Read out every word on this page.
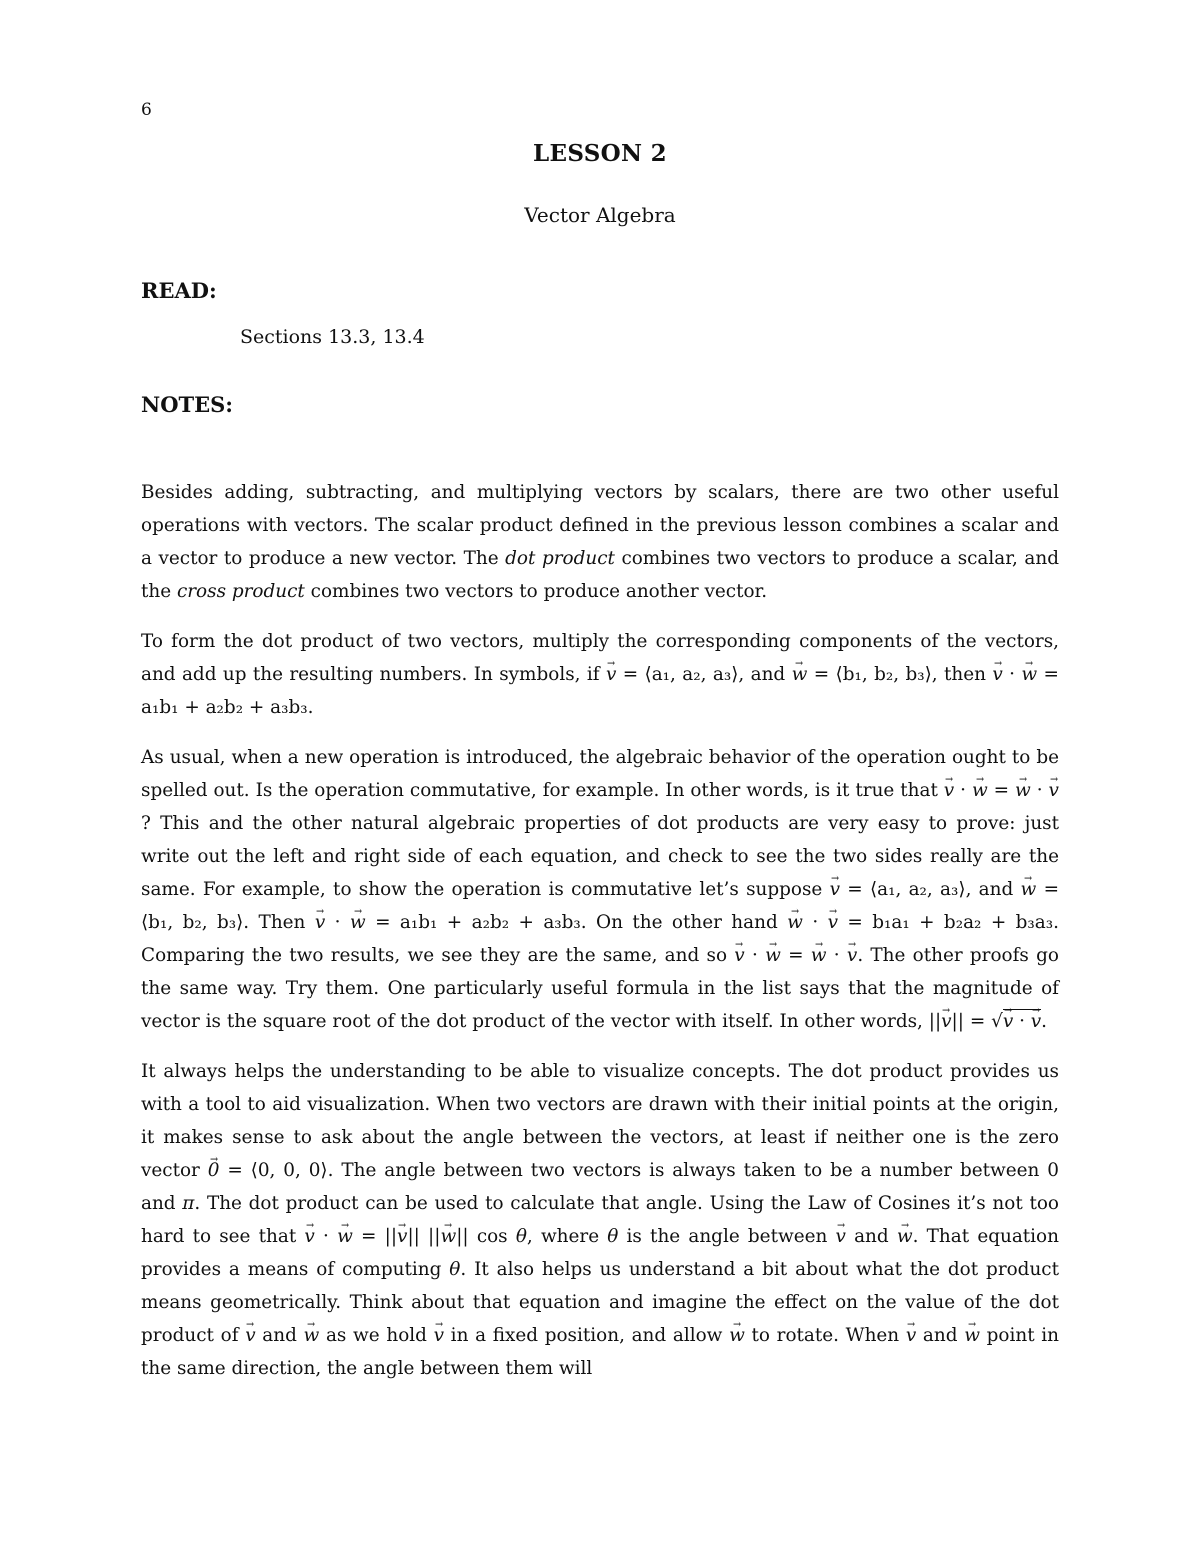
6
LESSON 2
Vector Algebra
READ:
Sections 13.3, 13.4
NOTES:

Besides adding, subtracting, and multiplying vectors by scalars, there are two other useful operations with vectors. The scalar product defined in the previous lesson combines a scalar and a vector to produce a new vector. The dot product combines two vectors to produce a scalar, and the cross product combines two vectors to produce another vector.

To form the dot product of two vectors, multiply the corresponding components of the vectors, and add up the resulting numbers. In symbols, if → v = ⟨a₁, a₂, a₃⟩, and → w = ⟨b₁, b₂, b₃⟩, then → v · → w = a₁b₁ + a₂b₂ + a₃b₃.

As usual, when a new operation is introduced, the algebraic behavior of the operation ought to be spelled out. Is the operation commutative, for example. In other words, is it true that → v · → w = → w · → v? This and the other natural algebraic properties of dot products are very easy to prove: just write out the left and right side of each equation, and check to see the two sides really are the same. For example, to show the operation is commutative let’s suppose → v = ⟨a₁, a₂, a₃⟩, and → w = ⟨b₁, b₂, b₃⟩. Then → v · → w = a₁b₁ + a₂b₂ + a₃b₃. On the other hand → w · → v = b₁a₁ + b₂a₂ + b₃a₃. Comparing the two results, we see they are the same, and so → v · → w = → w · → v. The other proofs go the same way. Try them. One particularly useful formula in the list says that the magnitude of vector is the square root of the dot product of the vector with itself. In other words, ||→ v|| = √→ v · → v.

It always helps the understanding to be able to visualize concepts. The dot product provides us with a tool to aid visualization. When two vectors are drawn with their initial points at the origin, it makes sense to ask about the angle between the vectors, at least if neither one is the zero vector → 0 = ⟨0, 0, 0⟩. The angle between two vectors is always taken to be a number between 0 and π. The dot product can be used to calculate that angle. Using the Law of Cosines it’s not too hard to see that → v · → w = ||→ v|| ||→ w|| cos θ, where θ is the angle between → v and → w. That equation provides a means of computing θ. It also helps us understand a bit about what the dot product means geometrically. Think about that equation and imagine the effect on the value of the dot product of → v and → w as we hold → v in a fixed position, and allow → w to rotate. When → v and → w point in the same direction, the angle between them will
